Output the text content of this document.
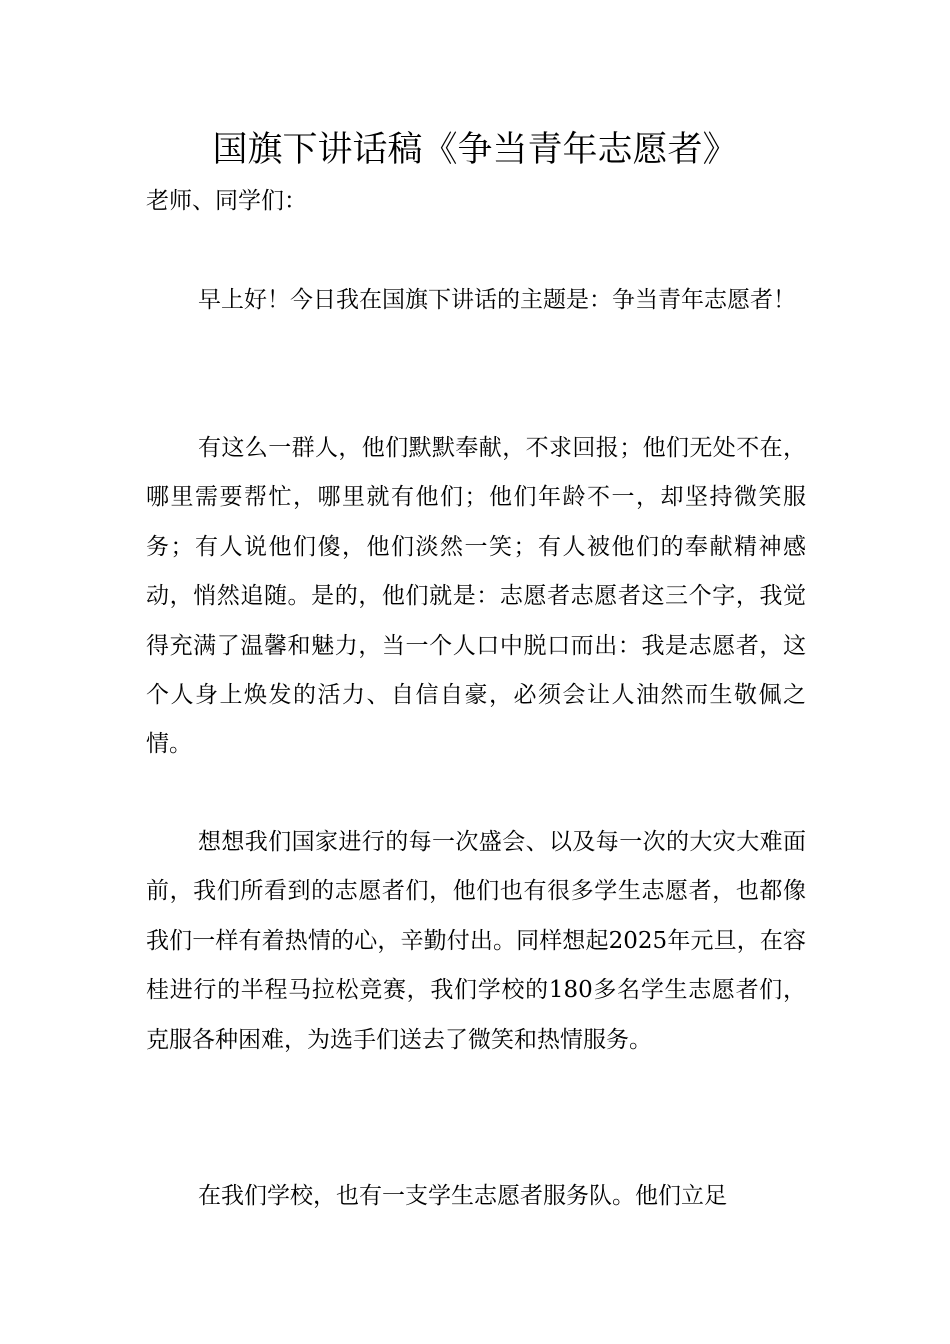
国旗下讲话稿《争当青年志愿者》
老师、同学们：

早上好！今日我在国旗下讲话的主题是：争当青年志愿者！

有这么一群人，他们默默奉献，不求回报；他们无处不在，哪里需要帮忙，哪里就有他们；他们年龄不一，却坚持微笑服务；有人说他们傻，他们淡然一笑；有人被他们的奉献精神感动，悄然追随。是的，他们就是：志愿者志愿者这三个字，我觉得充满了温馨和魅力，当一个人口中脱口而出：我是志愿者，这个人身上焕发的活力、自信自豪，必须会让人油然而生敬佩之情。

想想我们国家进行的每一次盛会、以及每一次的大灾大难面前，我们所看到的志愿者们，他们也有很多学生志愿者，也都像我们一样有着热情的心，辛勤付出。同样想起2025年元旦，在容桂进行的半程马拉松竞赛，我们学校的180多名学生志愿者们，克服各种困难，为选手们送去了微笑和热情服务。

在我们学校，也有一支学生志愿者服务队。他们立足
